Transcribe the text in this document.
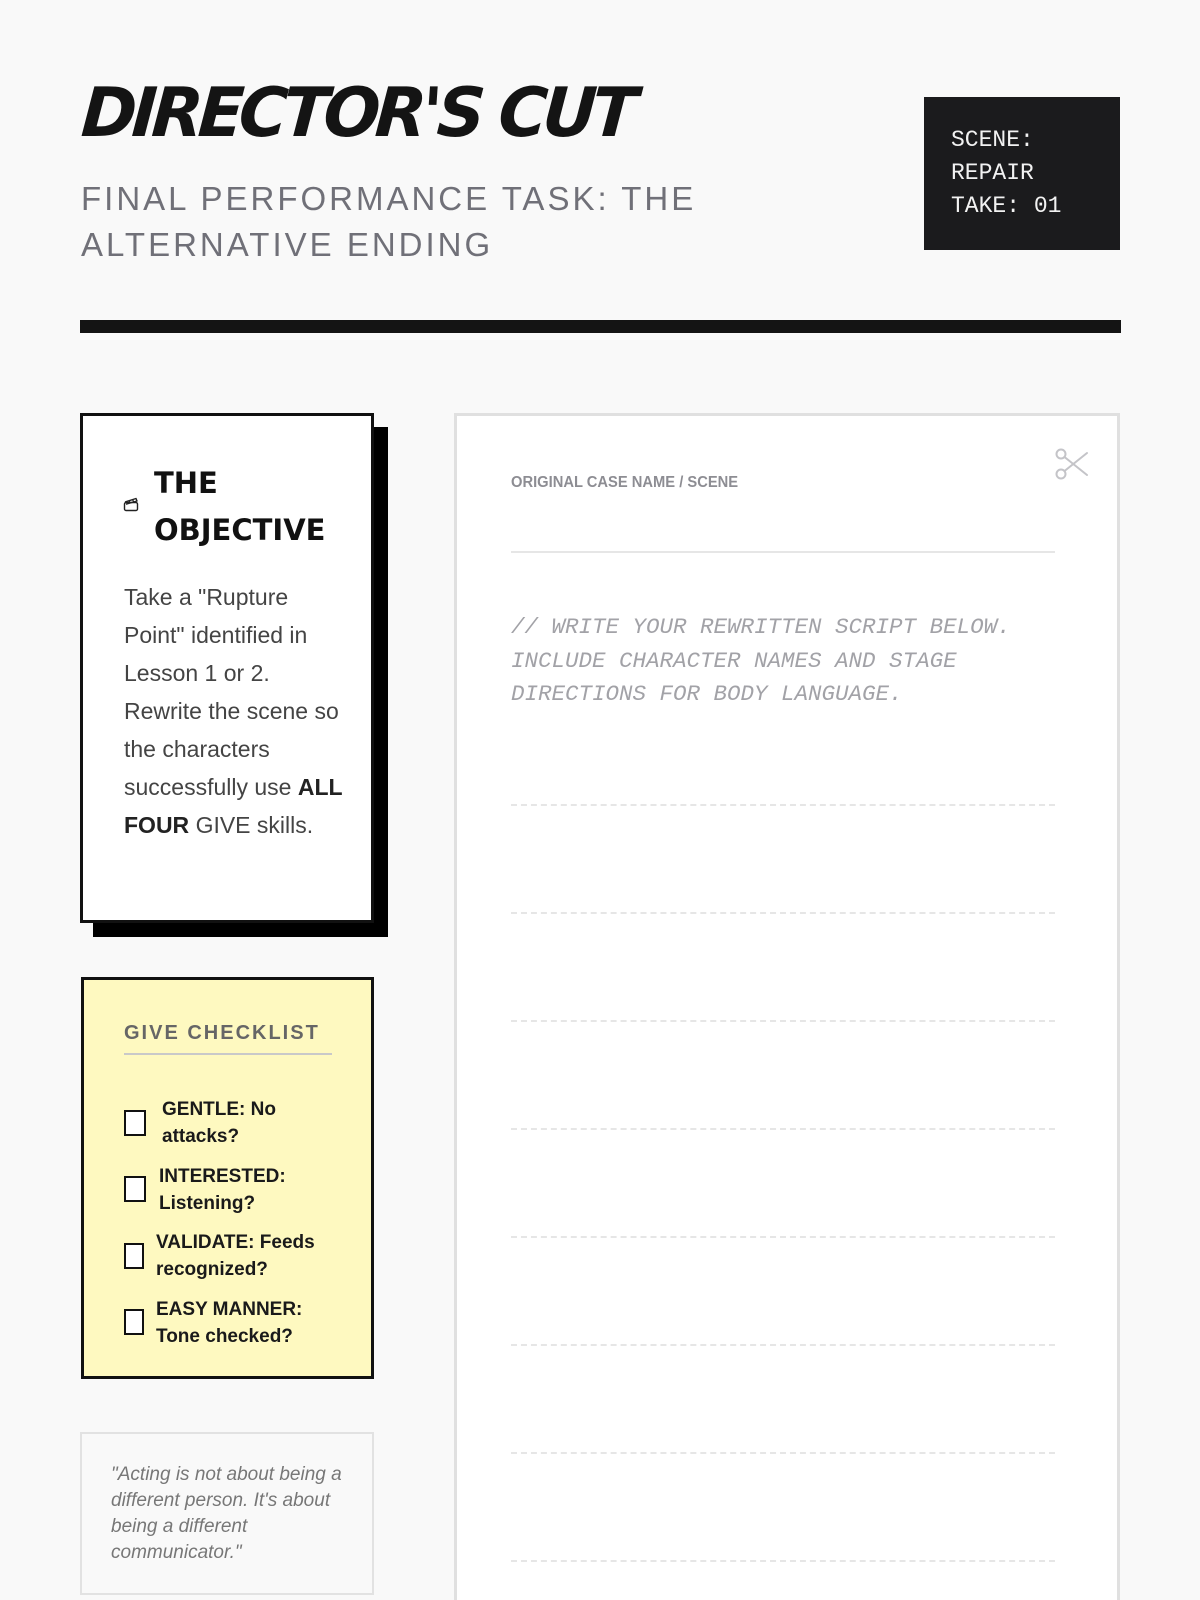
DIRECTOR'S CUT
FINAL PERFORMANCE TASK: THE ALTERNATIVE ENDING
SCENE:
REPAIR
TAKE: 01
THE
OBJECTIVE

Take a "Rupture Point" identified in Lesson 1 or 2. Rewrite the scene so the characters successfully use ALL FOUR GIVE skills.

GIVE CHECKLIST
GENTLE: No
attacks?
INTERESTED:
Listening?
VALIDATE: Feeds
recognized?
EASY MANNER:
Tone checked?
"Acting is not about being a different person. It's about being a different communicator."
ORIGINAL CASE NAME / SCENE
// WRITE YOUR REWRITTEN SCRIPT BELOW. INCLUDE CHARACTER NAMES AND STAGE DIRECTIONS FOR BODY LANGUAGE.
